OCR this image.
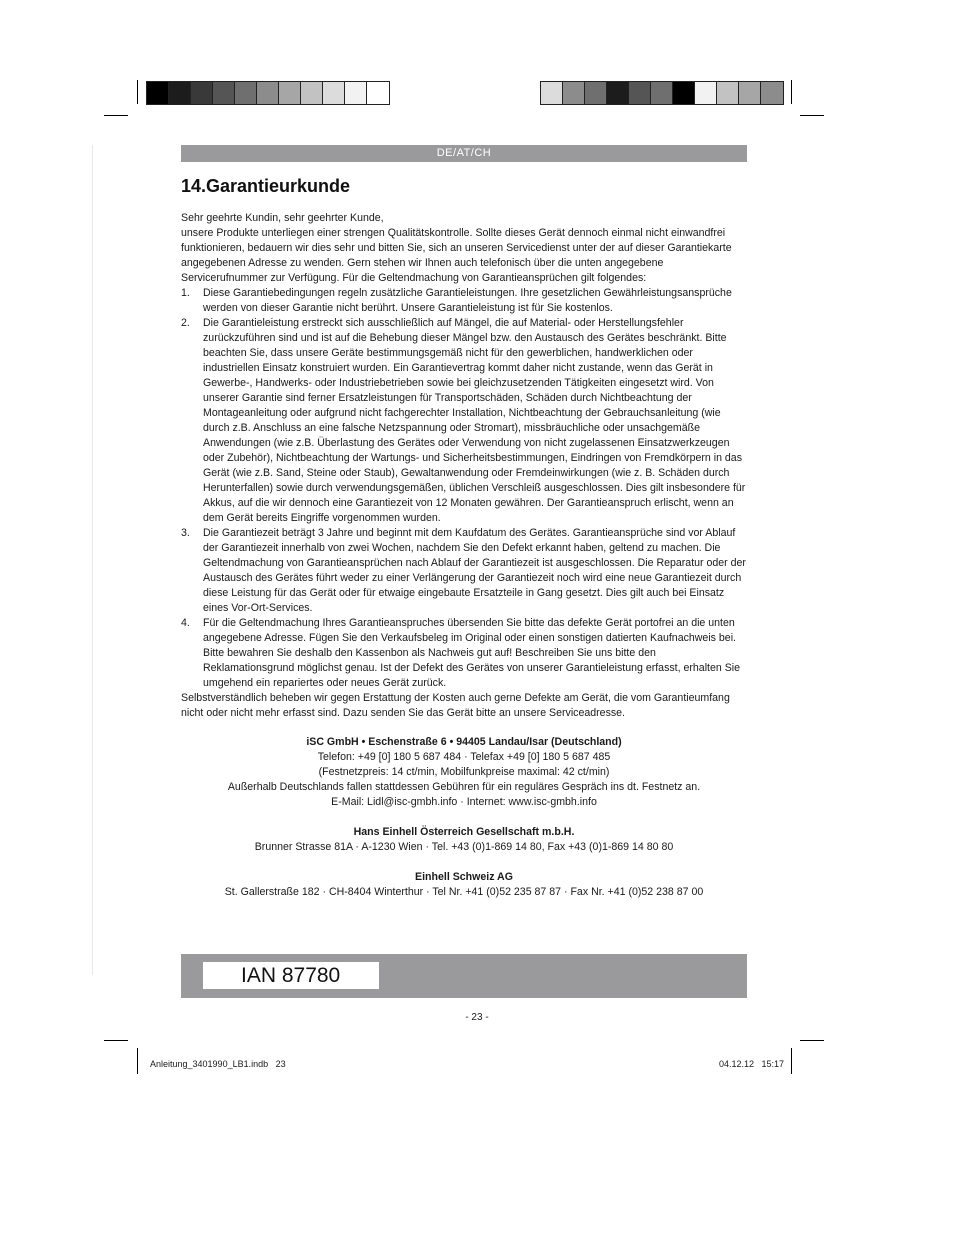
DE/AT/CH
14.Garantieurkunde

Sehr geehrte Kundin, sehr geehrter Kunde,

unsere Produkte unterliegen einer strengen Qualitätskontrolle. Sollte dieses Gerät dennoch einmal nicht einwandfrei funktionieren, bedauern wir dies sehr und bitten Sie, sich an unseren Servicedienst unter der auf dieser Garantiekarte angegebenen Adresse zu wenden. Gern stehen wir Ihnen auch telefonisch über die unten angegebene Servicerufnummer zur Verfügung. Für die Geltendmachung von Garantieansprüchen gilt folgendes:

1. Diese Garantiebedingungen regeln zusätzliche Garantieleistungen. Ihre gesetzlichen Gewährleistungsansprüche werden von dieser Garantie nicht berührt. Unsere Garantieleistung ist für Sie kostenlos.
2. Die Garantieleistung erstreckt sich ausschließlich auf Mängel, die auf Material- oder Herstellungsfehler zurückzuführen sind und ist auf die Behebung dieser Mängel bzw. den Austausch des Gerätes beschränkt. Bitte beachten Sie, dass unsere Geräte bestimmungsgemäß nicht für den gewerblichen, handwerklichen oder industriellen Einsatz konstruiert wurden. Ein Garantievertrag kommt daher nicht zustande, wenn das Gerät in Gewerbe-, Handwerks- oder Industriebetrieben sowie bei gleichzusetzenden Tätigkeiten eingesetzt wird. Von unserer Garantie sind ferner Ersatzleistungen für Transportschäden, Schäden durch Nichtbeachtung der Montageanleitung oder aufgrund nicht fachgerechter Installation, Nichtbeachtung der Gebrauchsanleitung (wie durch z.B. Anschluss an eine falsche Netzspannung oder Stromart), missbräuchliche oder unsachgemäße Anwendungen (wie z.B. Überlastung des Gerätes oder Verwendung von nicht zugelassenen Einsatzwerkzeugen oder Zubehör), Nichtbeachtung der Wartungs- und Sicherheitsbestimmungen, Eindringen von Fremdkörpern in das Gerät (wie z.B. Sand, Steine oder Staub), Gewaltanwendung oder Fremdeinwirkungen (wie z. B. Schäden durch Herunterfallen) sowie durch verwendungsgemäßen, üblichen Verschleiß ausgeschlossen. Dies gilt insbesondere für Akkus, auf die wir dennoch eine Garantiezeit von 12 Monaten gewähren. Der Garantieanspruch erlischt, wenn an dem Gerät bereits Eingriffe vorgenommen wurden.
3. Die Garantiezeit beträgt 3 Jahre und beginnt mit dem Kaufdatum des Gerätes. Garantieansprüche sind vor Ablauf der Garantiezeit innerhalb von zwei Wochen, nachdem Sie den Defekt erkannt haben, geltend zu machen. Die Geltendmachung von Garantieansprüchen nach Ablauf der Garantiezeit ist ausgeschlossen. Die Reparatur oder der Austausch des Gerätes führt weder zu einer Verlängerung der Garantiezeit noch wird eine neue Garantiezeit durch diese Leistung für das Gerät oder für etwaige eingebaute Ersatzteile in Gang gesetzt. Dies gilt auch bei Einsatz eines Vor-Ort-Services.
4. Für die Geltendmachung Ihres Garantieanspruches übersenden Sie bitte das defekte Gerät portofrei an die unten angegebene Adresse. Fügen Sie den Verkaufsbeleg im Original oder einen sonstigen datierten Kaufnachweis bei. Bitte bewahren Sie deshalb den Kassenbon als Nachweis gut auf! Beschreiben Sie uns bitte den Reklamationsgrund möglichst genau. Ist der Defekt des Gerätes von unserer Garantieleistung erfasst, erhalten Sie umgehend ein repariertes oder neues Gerät zurück.

Selbstverständlich beheben wir gegen Erstattung der Kosten auch gerne Defekte am Gerät, die vom Garantieumfang nicht oder nicht mehr erfasst sind. Dazu senden Sie das Gerät bitte an unsere Serviceadresse.

iSC GmbH • Eschenstraße 6 • 94405 Landau/Isar (Deutschland)
Telefon: +49 [0] 180 5 687 484 · Telefax +49 [0] 180 5 687 485
(Festnetzpreis: 14 ct/min, Mobilfunkpreise maximal: 42 ct/min)
Außerhalb Deutschlands fallen stattdessen Gebühren für ein reguläres Gespräch ins dt. Festnetz an.
E-Mail: Lidl@isc-gmbh.info · Internet: www.isc-gmbh.info
Hans Einhell Österreich Gesellschaft m.b.H.
Brunner Strasse 81A · A-1230 Wien · Tel. +43 (0)1-869 14 80, Fax +43 (0)1-869 14 80 80
Einhell Schweiz AG
St. Gallerstraße 182 · CH-8404 Winterthur · Tel Nr. +41 (0)52 235 87 87 · Fax Nr. +41 (0)52 238 87 00
IAN 87780
- 23 -
Anleitung_3401990_LB1.indb   23	04.12.12   15:17
